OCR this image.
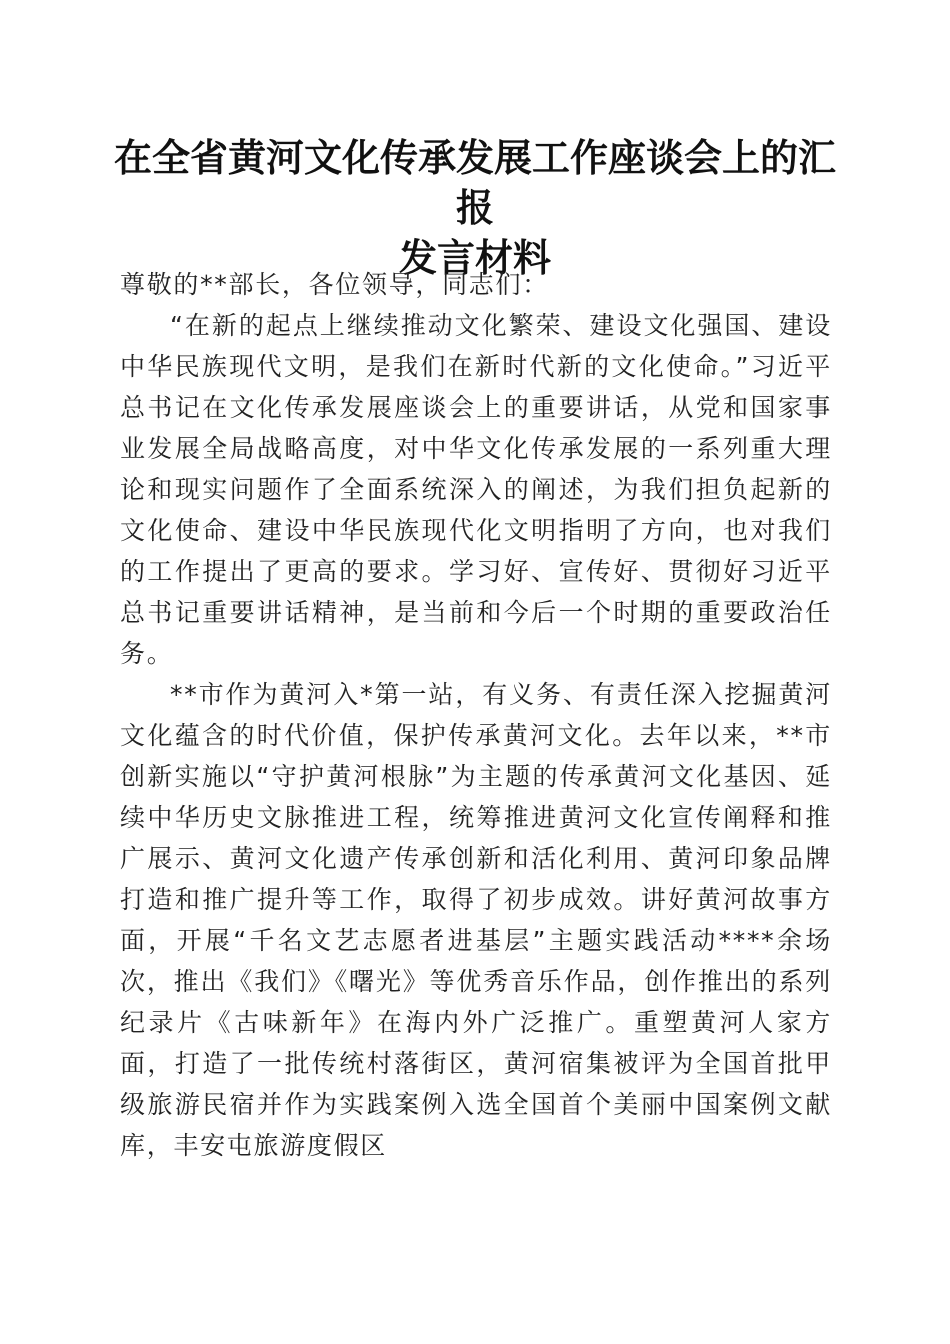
在全省黄河文化传承发展工作座谈会上的汇报
发言材料

尊敬的**部长，各位领导，同志们：

“在新的起点上继续推动文化繁荣、建设文化强国、建设中华民族现代文明，是我们在新时代新的文化使命。”习近平总书记在文化传承发展座谈会上的重要讲话，从党和国家事业发展全局战略高度，对中华文化传承发展的一系列重大理论和现实问题作了全面系统深入的阐述，为我们担负起新的文化使命、建设中华民族现代化文明指明了方向，也对我们的工作提出了更高的要求。学习好、宣传好、贯彻好习近平总书记重要讲话精神，是当前和今后一个时期的重要政治任务。

**市作为黄河入*第一站，有义务、有责任深入挖掘黄河文化蕴含的时代价值，保护传承黄河文化。去年以来，**市创新实施以“守护黄河根脉”为主题的传承黄河文化基因、延续中华历史文脉推进工程，统筹推进黄河文化宣传阐释和推广展示、黄河文化遗产传承创新和活化利用、黄河印象品牌打造和推广提升等工作，取得了初步成效。讲好黄河故事方面，开展“千名文艺志愿者进基层”主题实践活动****余场次，推出《我们》《曙光》等优秀音乐作品，创作推出的系列纪录片《古味新年》在海内外广泛推广。重塑黄河人家方面，打造了一批传统村落街区，黄河宿集被评为全国首批甲级旅游民宿并作为实践案例入选全国首个美丽中国案例文献库，丰安屯旅游度假区
